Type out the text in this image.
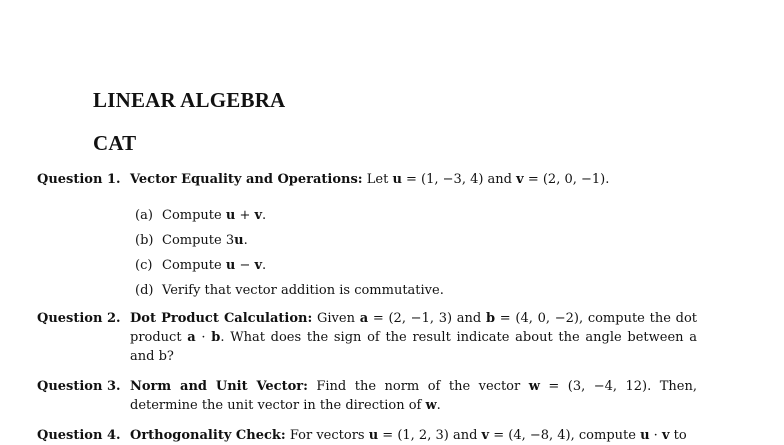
LINEAR ALGEBRA
CAT
Question 1. Vector Equality and Operations: Let u = (1, −3, 4) and v = (2, 0, −1).
(a) Compute u + v.
(b) Compute 3u.
(c) Compute u − v.
(d) Verify that vector addition is commutative.
Question 2. Dot Product Calculation: Given a = (2, −1, 3) and b = (4, 0, −2), compute the dot product a · b. What does the sign of the result indicate about the angle between a and b?
Question 3. Norm and Unit Vector: Find the norm of the vector w = (3, −4, 12). Then, determine the unit vector in the direction of w.
Question 4. Orthogonality Check: For vectors u = (1, 2, 3) and v = (4, −8, 4), compute u · v to
